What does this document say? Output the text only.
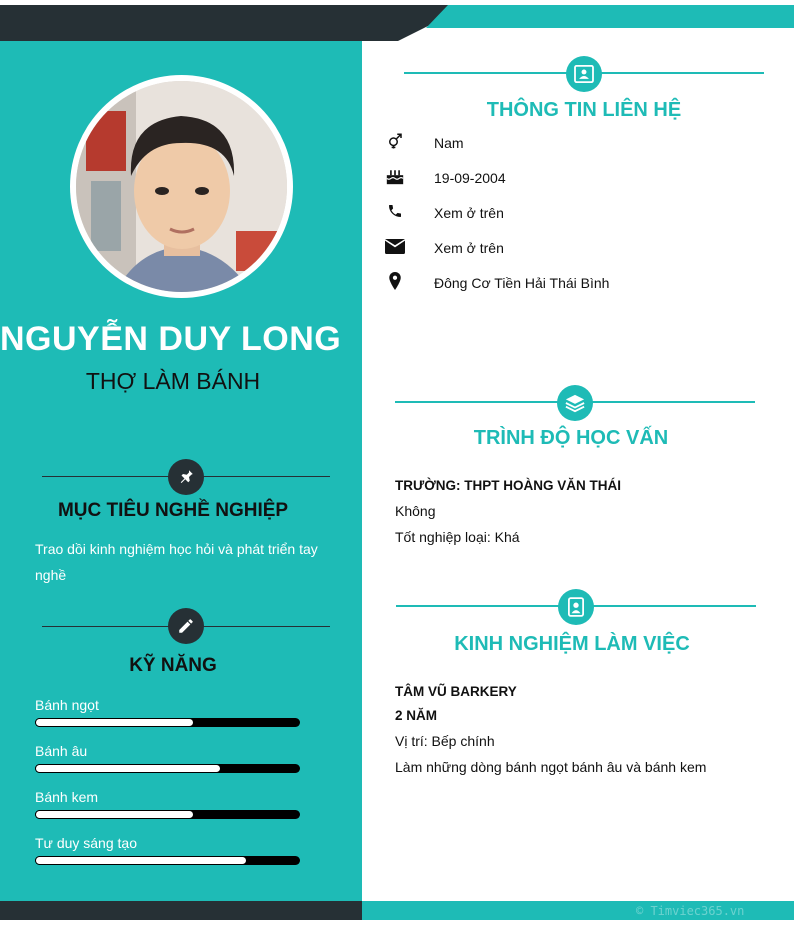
NGUYỄN DUY LONG
THỢ LÀM BÁNH
MỤC TIÊU NGHỀ NGHIỆP
Trao dồi kinh nghiệm học hỏi và phát triển tay nghề
KỸ NĂNG
Bánh ngọt
Bánh âu
Bánh kem
Tư duy sáng tạo
THÔNG TIN LIÊN HỆ
Nam
19-09-2004
Xem ở trên
Xem ở trên
Đông Cơ Tiền Hải Thái Bình
TRÌNH ĐỘ HỌC VẤN
TRƯỜNG: THPT HOÀNG VĂN THÁI
Không
Tốt nghiệp loại: Khá
KINH NGHIỆM LÀM VIỆC
TÂM VŨ BARKERY
2 NĂM
Vị trí: Bếp chính
Làm những dòng bánh ngọt bánh âu và bánh kem
© Timviec365.vn
